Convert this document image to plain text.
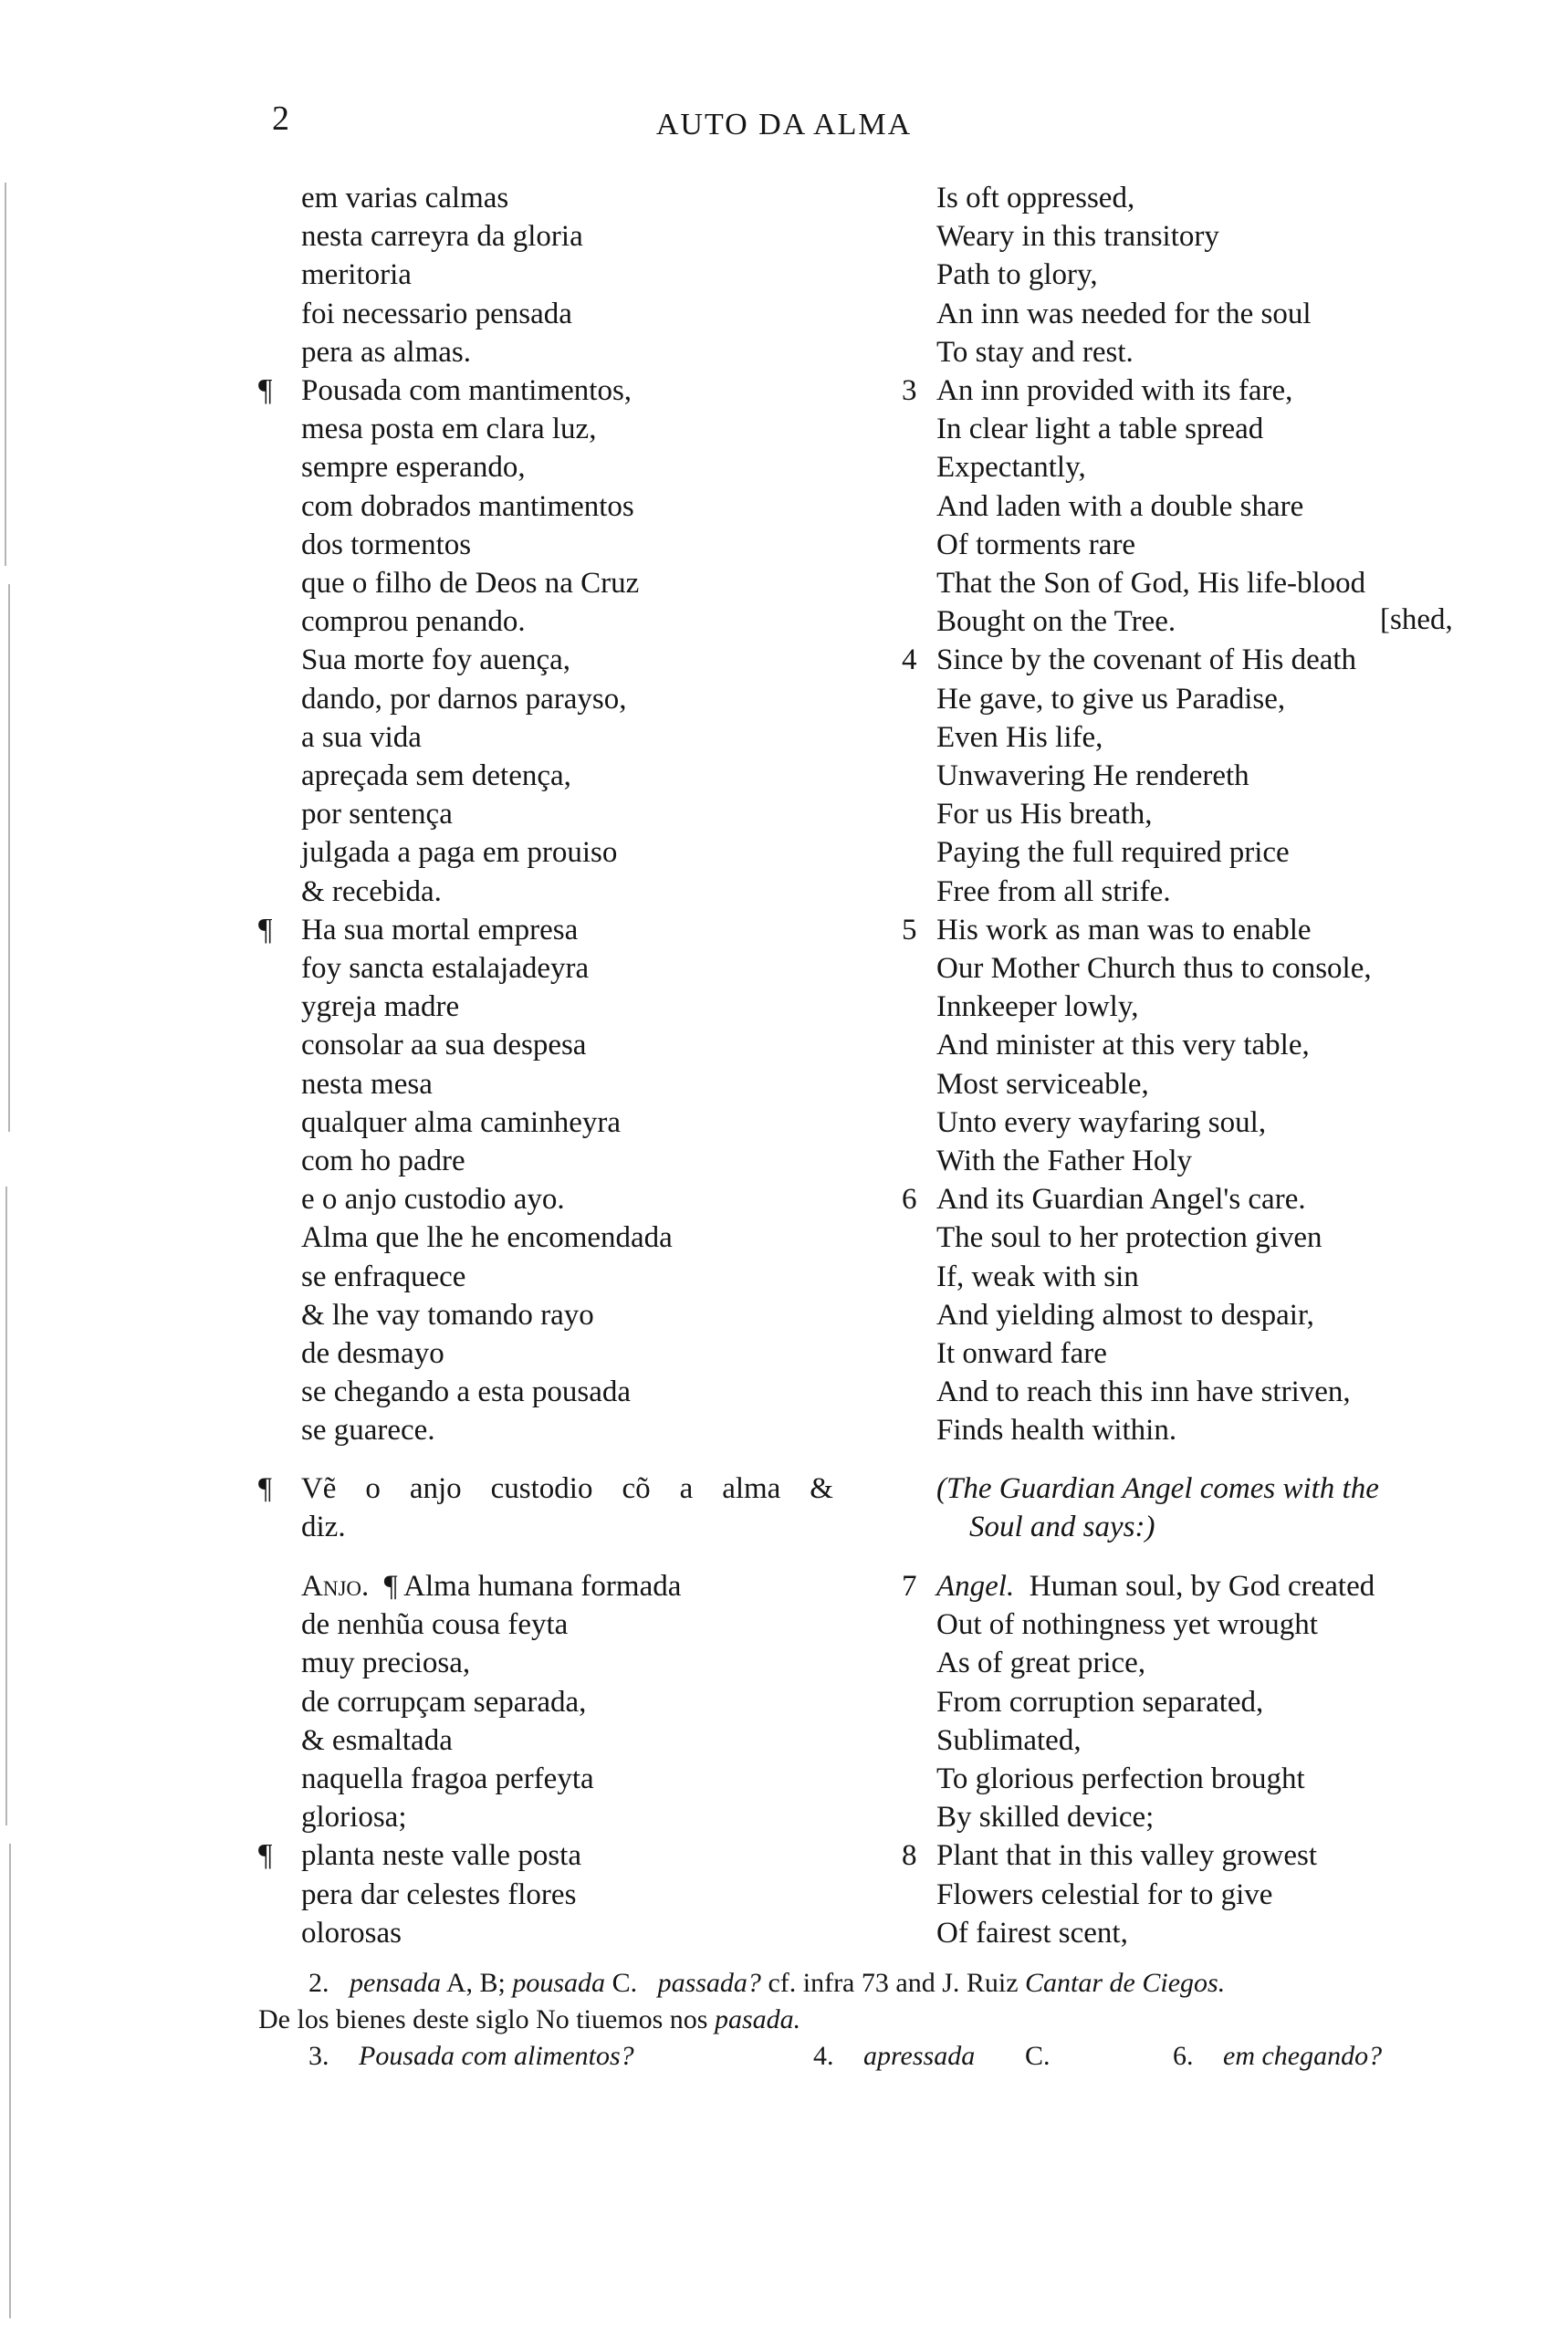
2	AUTO DA ALMA
em varias calmas	Is oft oppressed,
nesta carreyra da gloria	Weary in this transitory
meritoria	Path to glory,
foi necessario pensada	An inn was needed for the soul
pera as almas.	To stay and rest.
Pousada com mantimentos,	An inn provided with its fare,
mesa posta em clara luz,	In clear light a table spread
sempre esperando,	Expectantly,
com dobrados mantimentos	And laden with a double share
dos tormentos	Of torments rare
que o filho de Deos na Cruz	That the Son of God, His life-blood
comprou penando.	Bought on the Tree.
Sua morte foy auença,	Since by the covenant of His death
dando, por darnos parayso,	He gave, to give us Paradise,
a sua vida	Even His life,
apreçada sem detença,	Unwavering He rendereth
por sentença	For us His breath,
julgada a paga em prouiso	Paying the full required price
& recebida.	Free from all strife.
Ha sua mortal empresa	His work as man was to enable
foy sancta estalajadeyra	Our Mother Church thus to console,
ygreja madre	Innkeeper lowly,
consolar aa sua despesa	And minister at this very table,
nesta mesa	Most serviceable,
qualquer alma caminheyra	Unto every wayfaring soul,
com ho padre	With the Father Holy
e o anjo custodio ayo.	And its Guardian Angel's care.
Alma que lhe he encomendada	The soul to her protection given
se enfraquece	If, weak with sin
& lhe vay tomando rayo	And yielding almost to despair,
de desmayo	It onward fare
se chegando a esta pousada	And to reach this inn have striven,
se guarece.	Finds health within.
¶
¶
3
4
5
6
Anjo. ¶ Alma humana formada	Angel. Human soul, by God created
de nenhũa cousa feyta	Out of nothingness yet wrought
muy preciosa,	As of great price,
de corrupçam separada,	From corruption separated,
& esmaltada	Sublimated,
naquella fragoa perfeyta	To glorious perfection brought
gloriosa;	By skilled device;
planta neste valle posta	Plant that in this valley growest
pera dar celestes flores	Flowers celestial for to give
olorosas	Of fairest scent,
¶
7
8
[shed,
¶ Vẽ o anjo custodio cõ a alma &
diz.
(The Guardian Angel comes with the
Soul and says:)
2. pensada A, B; pousada C. passada? cf. infra 73 and J. Ruiz Cantar de Ciegos.
De los bienes deste siglo No tiuemos nos pasada.
3. Pousada com alimentos?	4. apressada C.	6. em chegando?
